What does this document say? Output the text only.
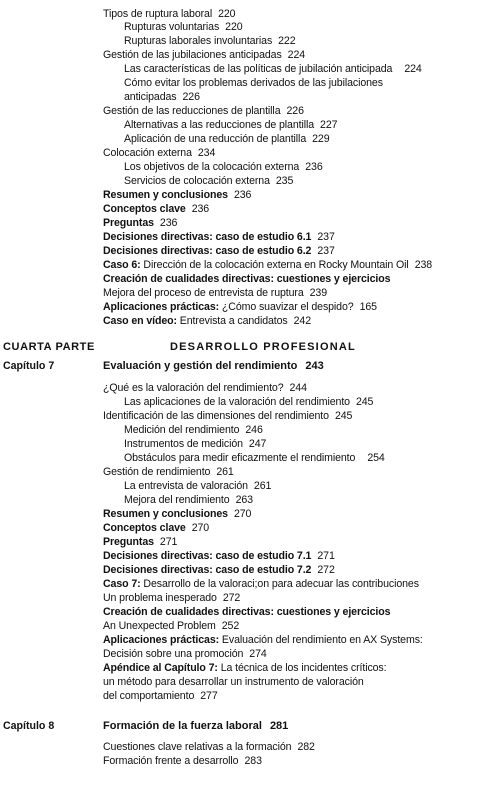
Tipos de ruptura laboral 220
Rupturas voluntarias 220
Rupturas laborales involuntarias 222
Gestión de las jubilaciones anticipadas 224
Las características de las políticas de jubilación anticipada 224
Cómo evitar los problemas derivados de las jubilaciones
anticipadas 226
Gestión de las reducciones de plantilla 226
Alternativas a las reducciones de plantilla 227
Aplicación de una reducción de plantilla 229
Colocación externa 234
Los objetivos de la colocación externa 236
Servicios de colocación externa 235
Resumen y conclusiones 236
Conceptos clave 236
Preguntas 236
Decisiones directivas: caso de estudio 6.1 237
Decisiones directivas: caso de estudio 6.2 237
Caso 6: Dirección de la colocación externa en Rocky Mountain Oil 238
Creación de cualidades directivas: cuestiones y ejercicios
Mejora del proceso de entrevista de ruptura 239
Aplicaciones prácticas: ¿Cómo suavizar el despido? 165
Caso en vídeo: Entrevista a candidatos 242
CUARTA PARTE	DESARROLLO PROFESIONAL
Capítulo 7	Evaluación y gestión del rendimiento 243
¿Qué es la valoración del rendimiento? 244
Las aplicaciones de la valoración del rendimiento 245
Identificación de las dimensiones del rendimiento 245
Medición del rendimiento 246
Instrumentos de medición 247
Obstáculos para medir eficazmente el rendimiento 254
Gestión de rendimiento 261
La entrevista de valoración 261
Mejora del rendimiento 263
Resumen y conclusiones 270
Conceptos clave 270
Preguntas 271
Decisiones directivas: caso de estudio 7.1 271
Decisiones directivas: caso de estudio 7.2 272
Caso 7: Desarrollo de la valoraci;on para adecuar las contribuciones
Un problema inesperado 272
Creación de cualidades directivas: cuestiones y ejercicios
An Unexpected Problem 252
Aplicaciones prácticas: Evaluación del rendimiento en AX Systems:
Decisión sobre una promoción 274
Apéndice al Capítulo 7: La técnica de los incidentes críticos:
un método para desarrollar un instrumento de valoración
del comportamiento 277
Capítulo 8	Formación de la fuerza laboral 281
Cuestiones clave relativas a la formación 282
Formación frente a desarrollo 283
